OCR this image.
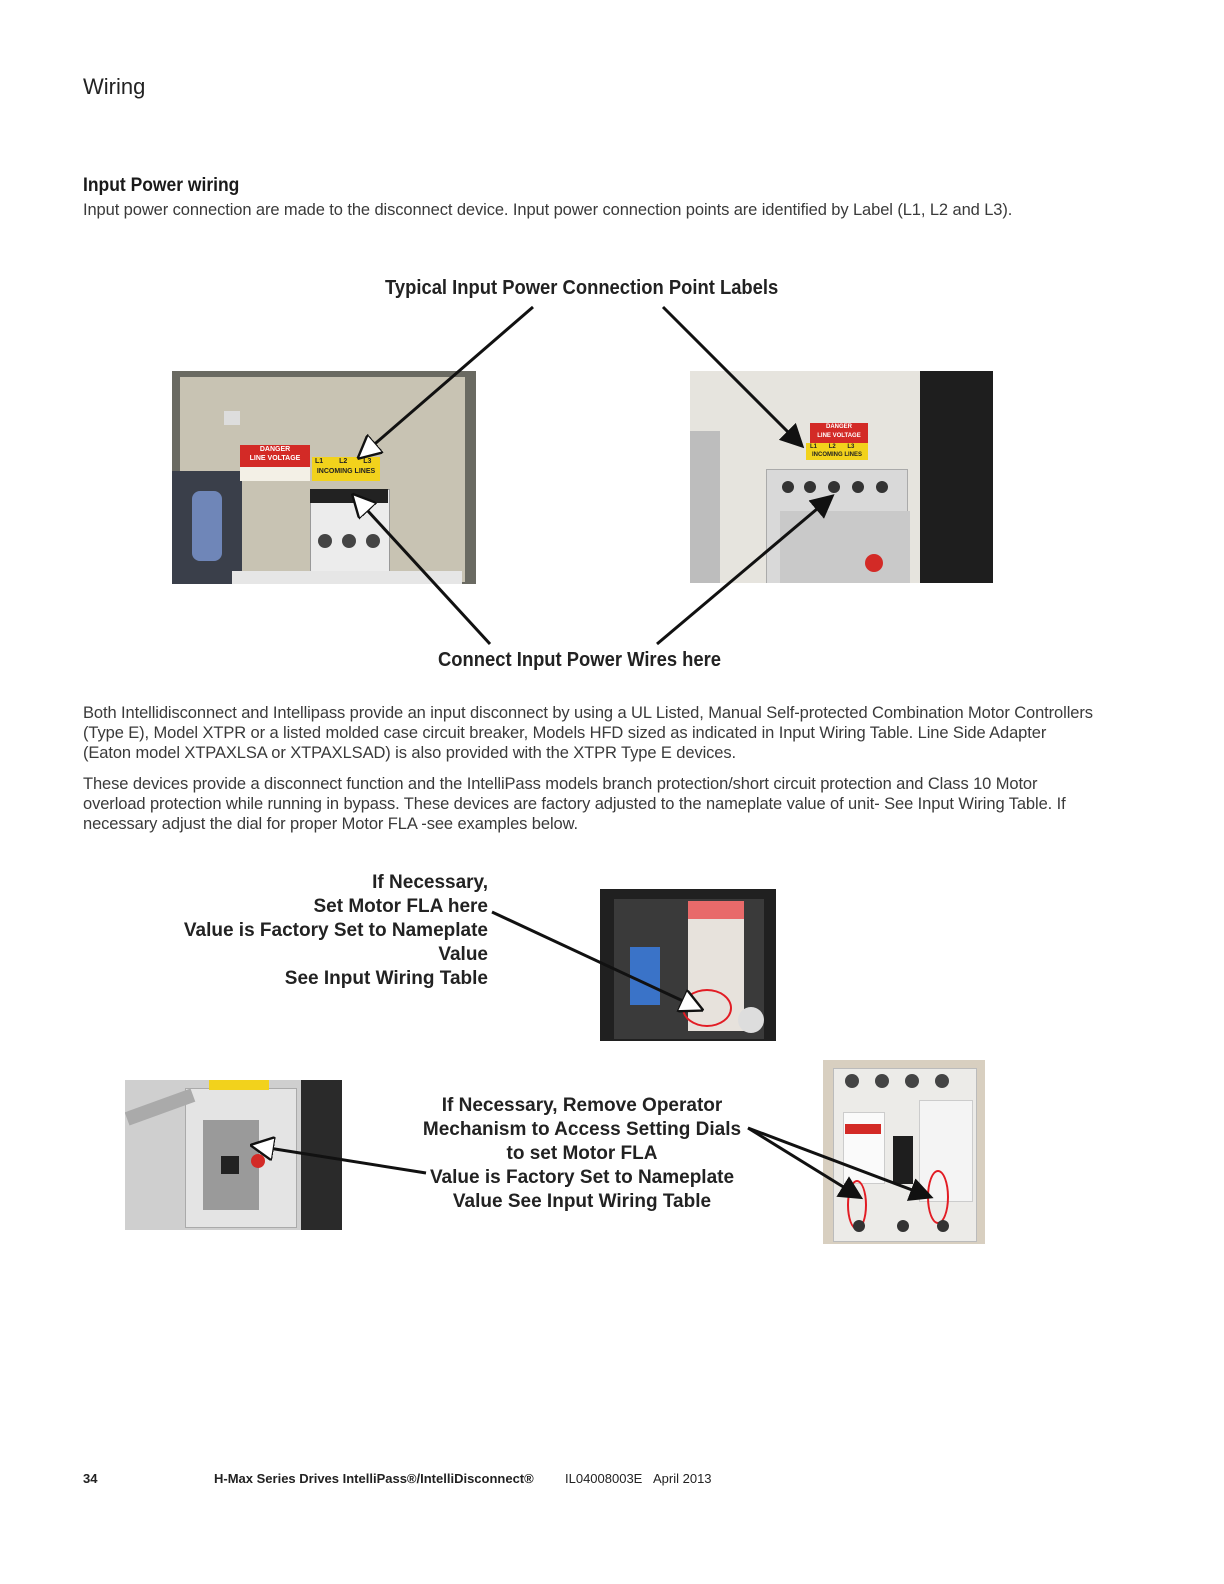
Wiring
Input Power wiring
Input power connection are made to the disconnect device. Input power connection points are identified by Label (L1, L2 and L3).
Typical Input Power Connection Point Labels
Connect Input Power Wires here
DANGER
LINE VOLTAGE	L1 L2 L3
INCOMING LINES
DANGER
LINE VOLTAGE
L1 L2 L3
INCOMING LINES
Both Intellidisconnect and Intellipass provide an input disconnect by using a UL Listed, Manual Self-protected Combination Motor Controllers (Type E), Model XTPR or a listed molded case circuit breaker, Models HFD sized as indicated in Input Wiring Table. Line Side Adapter (Eaton model XTPAXLSA or XTPAXLSAD) is also provided with the XTPR Type E devices.
These devices provide a disconnect function and the IntelliPass models branch protection/short circuit protection and Class 10 Motor overload protection while running in bypass. These devices are factory adjusted to the nameplate value of unit- See Input Wiring Table. If necessary adjust the dial for proper Motor FLA -see examples below.
If Necessary,
Set Motor FLA here
Value is Factory Set to Nameplate
Value
See Input Wiring Table
If Necessary, Remove Operator
Mechanism to Access Setting Dials
to set Motor FLA
Value is Factory Set to Nameplate
Value See Input Wiring Table
34	H-Max Series Drives IntelliPass®/IntelliDisconnect® IL04008003E April 2013
